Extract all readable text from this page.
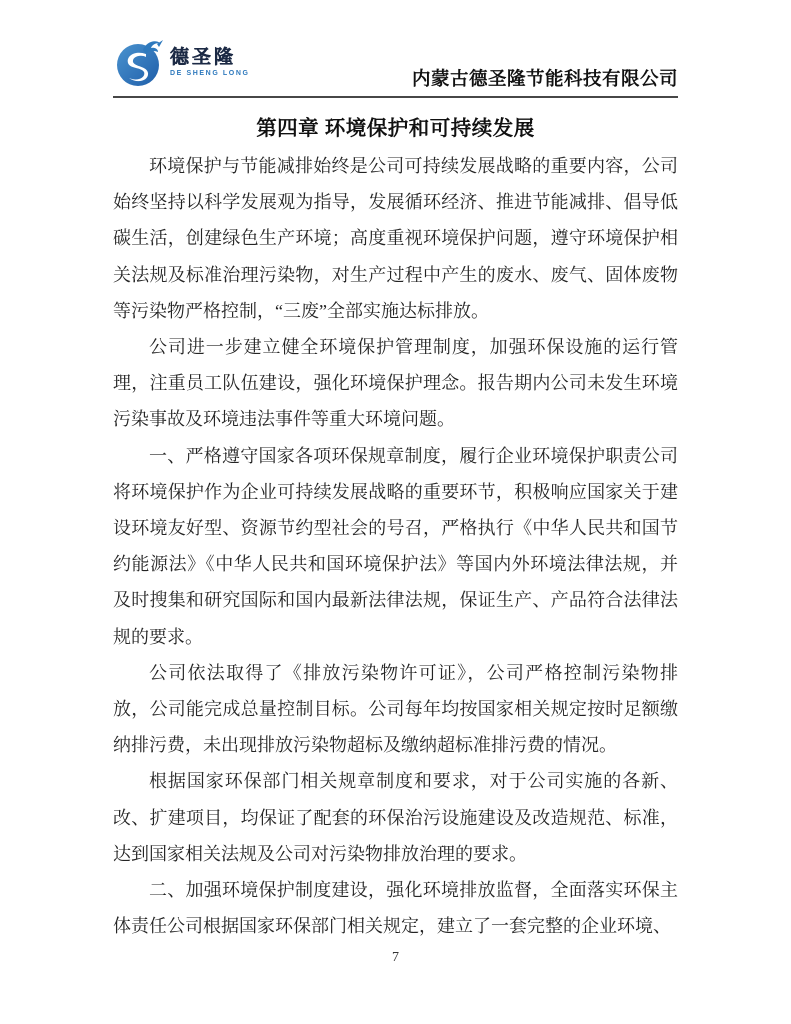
德圣隆
DE SHENG LONG	内蒙古德圣隆节能科技有限公司
第四章 环境保护和可持续发展

环境保护与节能减排始终是公司可持续发展战略的重要内容，公司始终坚持以科学发展观为指导，发展循环经济、推进节能减排、倡导低碳生活，创建绿色生产环境；高度重视环境保护问题，遵守环境保护相关法规及标准治理污染物，对生产过程中产生的废水、废气、固体废物等污染物严格控制，“三废”全部实施达标排放。

公司进一步建立健全环境保护管理制度，加强环保设施的运行管理，注重员工队伍建设，强化环境保护理念。报告期内公司未发生环境污染事故及环境违法事件等重大环境问题。

一、严格遵守国家各项环保规章制度，履行企业环境保护职责公司将环境保护作为企业可持续发展战略的重要环节，积极响应国家关于建设环境友好型、资源节约型社会的号召，严格执行《中华人民共和国节约能源法》《中华人民共和国环境保护法》等国内外环境法律法规，并及时搜集和研究国际和国内最新法律法规，保证生产、产品符合法律法规的要求。

公司依法取得了《排放污染物许可证》，公司严格控制污染物排放，公司能完成总量控制目标。公司每年均按国家相关规定按时足额缴纳排污费，未出现排放污染物超标及缴纳超标准排污费的情况。

根据国家环保部门相关规章制度和要求，对于公司实施的各新、改、扩建项目，均保证了配套的环保治污设施建设及改造规范、标准，达到国家相关法规及公司对污染物排放治理的要求。

二、加强环境保护制度建设，强化环境排放监督，全面落实环保主体责任公司根据国家环保部门相关规定，建立了一套完整的企业环境、

7
